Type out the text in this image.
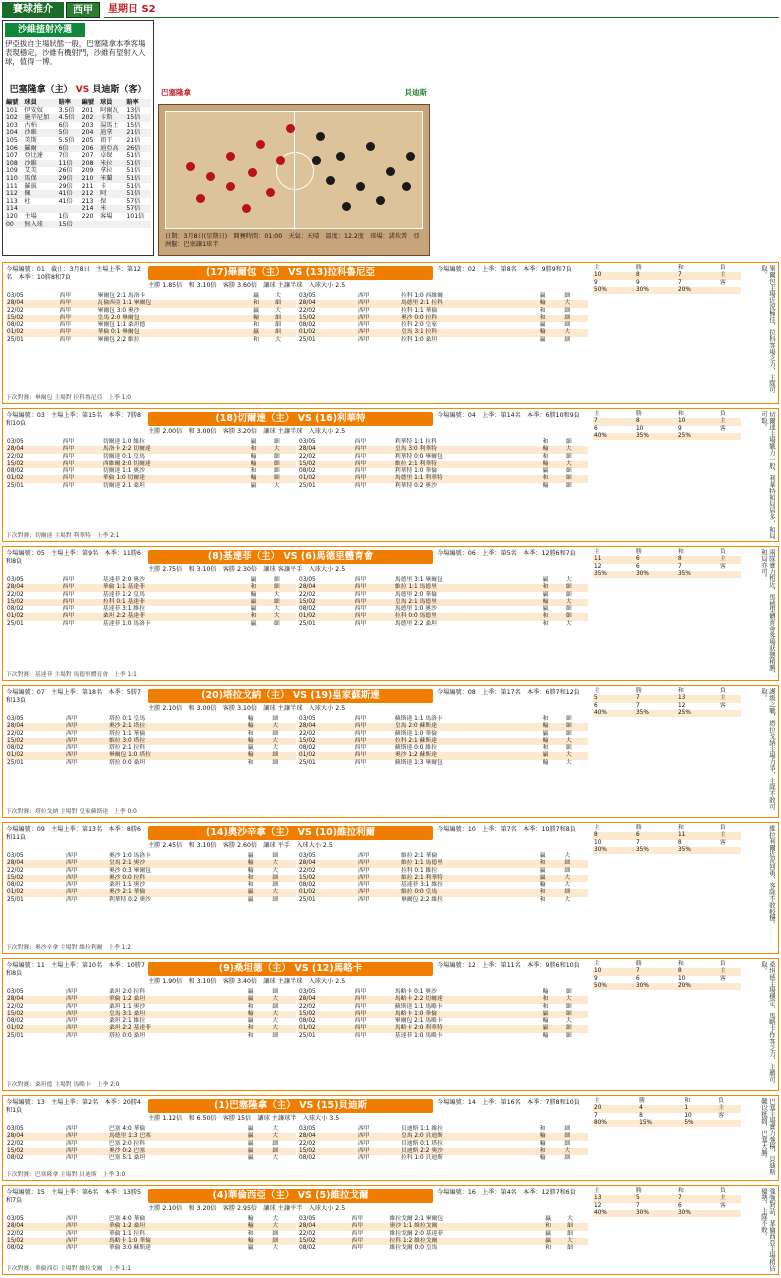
賽球推介	西甲	星期日 S2
沙維揸射冷選
伊亞拔自主場狀態一般，巴塞隆拿本季客場表現穩定，沙維有機射門，沙維有望射入入球，值得一博。
巴塞隆拿（主） VS 貝迪斯（客）
編號	球員	賠率	編號	球員	賠率
101	伊安奴	3.5倍	201	阿爾瓦	13倍
102	施辛尼加	4.5倍	202	卡斯	15倍
103	古柏	6倍	203	湯馬士	15倍
104	沙維	5倍	204	迪拿	21倍
105	美斯	5.5倍	205	祖干	21倍
106	羅爾	6倍	206	迪亞高	26倍
107	亞比達	7倍	207	卓保	51倍
108	沙維	11倍	208	米拉	51倍
109	艾美	26倍	209	拿拉	51倍
110	馬保	29倍	210	米蘭	51倍
111	羅拔	29倍	211	卡	51倍
112	佩	41倍	212	阿	51倍
113	杜	41倍	213	保	57倍
114			214	米	57倍
120	主場	1倍	220	客場	101倍
00	無入球	15倍			
巴塞隆拿	貝迪斯
日期：3月8日(星期日)　開賽時間：01:00　天氣：天晴　溫度：12.2度　球場：諾坎普　亞洲盤：巴塞讓1球半
今場編號：01　截止：3月8日　主場上季：第12名　本季：10勝8和7負	(17)畢爾包（主） VS (13)拉科魯尼亞	今場編號：02　上季：第8名　本季：9勝9和7負
主勝 1.85倍　和 3.10倍　客勝 3.60倍　讓球 主讓半球　入球大小 2.5
03/05	西甲	畢爾包 2:1 馬洛卡	贏	大
28/04	西甲	瓦倫西亞 1:1 畢爾包	和	細
22/02	西甲	畢爾包 3:0 奧沙	贏	大
15/02	西甲	皇馬 2:0 畢爾包	輸	細
08/02	西甲	畢爾包 1:1 桑坦德	和	細
01/02	西甲	華倫 0:1 畢爾包	贏	細
25/01	西甲	畢爾包 2:2 維拉	和	大
03/05	西甲	拉科 1:0 西維爾	贏	細
28/04	西甲	馬德里 2:1 拉科	輸	大
22/02	西甲	拉科 1:1 華倫	和	細
15/02	西甲	奧沙 0:0 拉科	和	細
08/02	西甲	拉科 2:0 皇家	贏	細
01/02	西甲	皇馬 3:1 拉科	輸	大
25/01	西甲	拉科 1:0 桑坦	贏	細
下次對賽：畢爾包 主場對 拉科魯尼亞　上季 1:0
主	勝	和	負
10	8	7	主
9	9	7	客
50%	30%	20%		畢爾包主場近況極佳，拉科客場乏力，主隊可取。
今場編號：03　主場上季：第15名　本季：7勝8和10負	(18)切爾達（主） VS (16)利華特	今場編號：04　上季：第14名　本季：6勝10和9負
主勝 2.00倍　和 3.00倍　客勝 3.20倍　讓球 主讓半球　入球大小 2.5
03/05	西甲	切爾達 1:0 維拉	贏	細
28/04	西甲	馬洛卡 2:2 切爾達	和	大
22/02	西甲	切爾達 0:1 皇馬	輸	細
15/02	西甲	西維爾 2:0 切爾達	輸	細
08/02	西甲	切爾達 1:1 奧沙	和	細
01/02	西甲	華倫 1:0 切爾達	輸	細
25/01	西甲	切爾達 2:1 桑坦	贏	大
03/05	西甲	利華特 1:1 拉科	和	細
28/04	西甲	皇馬 3:0 利華特	輸	大
22/02	西甲	利華特 0:0 畢爾包	和	細
15/02	西甲	維拉 2:1 利華特	輸	大
08/02	西甲	利華特 1:0 華倫	贏	細
01/02	西甲	馬德里 1:1 利華特	和	細
25/01	西甲	利華特 0:2 奧沙	輸	細
下次對賽：切爾達 主場對 利華特　上季 2:1
主	勝	和	負
7	8	10	主
6	10	9	客
40%	35%	25%		切爾達主場戰力一般，利華特和局居多，和局可取。
今場編號：05　主場上季：第9名　本季：11勝6和8負	(8)基達菲（主） VS (6)馬德里體育會	今場編號：06　上季：第5名　本季：12勝6和7負
主勝 2.75倍　和 3.10倍　客勝 2.30倍　讓球 客讓平手　入球大小 2.5
03/05	西甲	基達菲 2:0 奧沙	贏	細
28/04	西甲	華倫 1:1 基達菲	和	細
22/02	西甲	基達菲 1:2 皇馬	輸	大
15/02	西甲	拉科 0:1 基達菲	贏	細
08/02	西甲	基達菲 3:1 維拉	贏	大
01/02	西甲	桑坦 2:2 基達菲	和	大
25/01	西甲	基達菲 1:0 馬洛卡	贏	細
03/05	西甲	馬德里 3:1 畢爾包	贏	大
28/04	西甲	維拉 1:1 馬德里	和	細
22/02	西甲	馬德里 2:0 華倫	贏	細
15/02	西甲	皇馬 2:1 馬德里	輸	大
08/02	西甲	馬德里 1:0 奧沙	贏	細
01/02	西甲	拉科 0:0 馬德里	和	細
25/01	西甲	馬德里 2:2 桑坦	和	大
下次對賽：基達菲 主場對 馬德里體育會　上季 1:1
主	勝	和	負
11	6	8	主
12	6	7	客
35%	30%	35%		兩隊實力相近，馬德里體育會客場狀態稍勝，和局亦可。
今場編號：07　主場上季：第18名　本季：5勝7和13負	(20)塔拉戈納（主） VS (19)皇家蘇斯達	今場編號：08　上季：第17名　本季：6勝7和12負
主勝 2.10倍　和 3.00倍　客勝 3.10倍　讓球 主讓半球　入球大小 2.5
03/05	西甲	塔拉 0:1 皇馬	輸	細
28/04	西甲	奧沙 2:1 塔拉	輸	大
22/02	西甲	塔拉 1:1 華倫	和	細
15/02	西甲	維拉 3:0 塔拉	輸	大
08/02	西甲	塔拉 2:1 拉科	贏	大
01/02	西甲	畢爾包 1:0 塔拉	輸	細
25/01	西甲	塔拉 0:0 桑坦	和	細
03/05	西甲	蘇斯達 1:1 馬洛卡	和	細
28/04	西甲	皇馬 2:0 蘇斯達	輸	細
22/02	西甲	蘇斯達 1:0 華倫	贏	細
15/02	西甲	拉科 2:1 蘇斯達	輸	大
08/02	西甲	蘇斯達 0:0 維拉	和	細
01/02	西甲	奧沙 1:2 蘇斯達	贏	大
25/01	西甲	蘇斯達 1:3 畢爾包	輸	大
下次對賽：塔拉戈納 主場對 皇家蘇斯達　上季 0:0
主	勝	和	負
5	7	13	主
6	7	12	客
40%	35%	25%		護級之戰，塔拉戈納主場力爭，主隊不敗可取。
今場編號：09　主場上季：第13名　本季：8勝6和11負	(14)奧沙辛拿（主） VS (10)維拉利爾	今場編號：10　上季：第7名　本季：10勝7和8負
主勝 2.45倍　和 3.10倍　客勝 2.60倍　讓球 平手　入球大小 2.5
03/05	西甲	奧沙 1:0 馬洛卡	贏	細
28/04	西甲	皇馬 2:1 奧沙	輸	大
22/02	西甲	奧沙 0:3 畢爾包	輸	大
15/02	西甲	奧沙 0:0 拉科	和	細
08/02	西甲	桑坦 1:1 奧沙	和	細
01/02	西甲	奧沙 2:1 華倫	贏	大
25/01	西甲	利華特 0:2 奧沙	贏	細
03/05	西甲	維拉 2:1 華倫	贏	大
28/04	西甲	維拉 1:1 馬德里	和	細
22/02	西甲	拉科 0:1 維拉	贏	細
15/02	西甲	維拉 2:1 利華特	贏	大
08/02	西甲	基達菲 3:1 維拉	輸	大
01/02	西甲	維拉 0:0 皇馬	和	細
25/01	西甲	畢爾包 2:2 維拉	和	大
下次對賽：奧沙辛拿 主場對 維拉利爾　上季 1:2
主	勝	和	負
8	6	11	主
10	7	8	客
30%	35%	35%		維拉利爾近況回勇，客隊不敗較穩。
今場編號：11　主場上季：第10名　本季：10勝7和8負	(9)桑坦德（主） VS (12)馬略卡	今場編號：12　上季：第11名　本季：9勝6和10負
主勝 1.90倍　和 3.10倍　客勝 3.40倍　讓球 主讓半球　入球大小 2.5
03/05	西甲	桑坦 2:0 拉科	贏	細
28/04	西甲	華倫 1:2 桑坦	贏	大
22/02	西甲	桑坦 1:1 奧沙	和	細
15/02	西甲	皇馬 3:1 桑坦	輸	大
08/02	西甲	桑坦 2:1 維拉	贏	大
01/02	西甲	桑坦 2:2 基達菲	和	大
25/01	西甲	塔拉 0:0 桑坦	和	細
03/05	西甲	馬略卡 0:1 奧沙	輸	細
28/04	西甲	馬略卡 2:2 切爾達	和	大
22/02	西甲	蘇斯達 1:1 馬略卡	和	細
15/02	西甲	馬略卡 1:0 華倫	贏	細
08/02	西甲	畢爾包 2:1 馬略卡	輸	大
01/02	西甲	馬略卡 2:0 利華特	贏	細
25/01	西甲	基達菲 1:0 馬略卡	輸	細
下次對賽：桑坦德 主場對 馬略卡　上季 2:0
主	勝	和	負
10	7	8	主
9	6	10	客
50%	30%	20%		桑坦德主場穩定，馬略卡作客乏力，主勝可取。
今場編號：13　主場上季：第2名　本季：20勝4和1負	(1)巴塞隆拿（主） VS (15)貝迪斯	今場編號：14　上季：第16名　本季：7勝8和10負
主勝 1.12倍　和 6.50倍　客勝 15倍　讓球 主讓球半　入球大小 3.5
03/05	西甲	巴塞 4:0 華倫	贏	大
28/04	西甲	馬德里 1:3 巴塞	贏	大
22/02	西甲	巴塞 2:0 拉科	贏	細
15/02	西甲	奧沙 0:2 巴塞	贏	細
08/02	西甲	巴塞 5:1 桑坦	贏	大
03/05	西甲	貝迪斯 1:1 維拉	和	細
28/04	西甲	皇馬 2:0 貝迪斯	輸	細
22/02	西甲	貝迪斯 0:1 塔拉	輸	細
15/02	西甲	貝迪斯 2:2 奧沙	和	大
08/02	西甲	拉科 1:0 貝迪斯	輸	細
下次對賽：巴塞隆拿 主場對 貝迪斯　上季 3:0
主	勝	和	負
20	4	1	主
7	8	10	客
80%	15%	5%		巴塞主場實力強橫，貝迪斯難以抵擋，巴塞大勝。
今場編號：15　主場上季：第6名　本季：13勝5和7負	(4)華倫西亞（主） VS (5)維拉戈爾	今場編號：16　上季：第4名　本季：12勝7和6負
主勝 2.10倍　和 3.20倍　客勝 2.95倍　讓球 主讓平半　入球大小 2.5
03/05	西甲	巴塞 4:0 華倫	輸	大
28/04	西甲	華倫 1:2 桑坦	輸	大
22/02	西甲	華倫 1:1 拉科	和	細
15/02	西甲	馬略卡 1:0 華倫	輸	細
08/02	西甲	華倫 3:0 蘇斯達	贏	大
03/05	西甲	維拉戈爾 2:1 畢爾包	贏	大
28/04	西甲	奧沙 1:1 維拉戈爾	和	細
22/02	西甲	維拉戈爾 2:0 基達菲	贏	細
15/02	西甲	拉科 1:2 維拉戈爾	贏	大
08/02	西甲	維拉戈爾 0:0 皇馬	和	細
下次對賽：華倫西亞 主場對 維拉戈爾　上季 1:1
主	勝	和	負
13	5	7	主
12	7	6	客
40%	30%	30%		強強對話，華倫西亞主場稍佔優勢，主隊不敗。
